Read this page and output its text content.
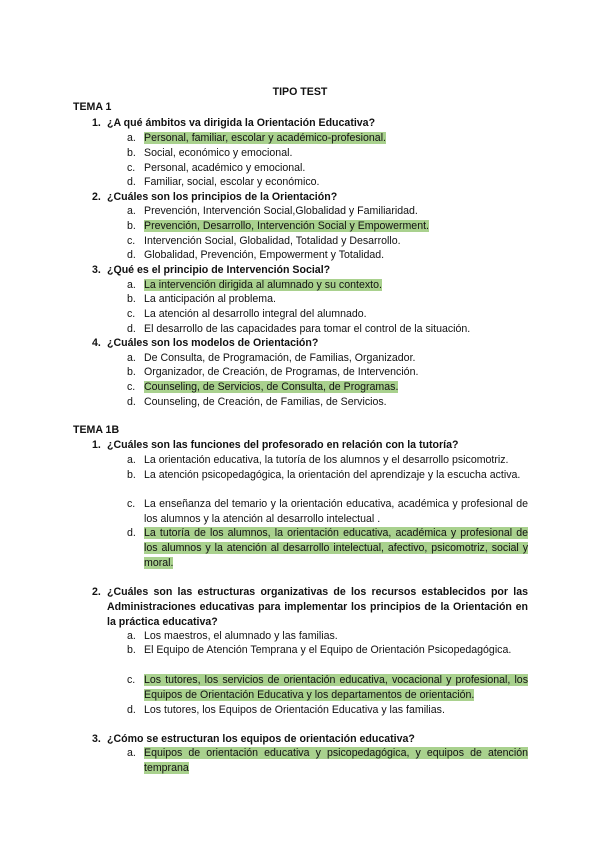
TIPO TEST
TEMA 1
1. ¿A qué ámbitos va dirigida la Orientación Educativa?
a. Personal, familiar, escolar y académico-profesional.
b. Social, económico y emocional.
c. Personal, académico y emocional.
d. Familiar, social, escolar y económico.
2. ¿Cuáles son los principios de la Orientación?
a. Prevención, Intervención Social,Globalidad y Familiaridad.
b. Prevención, Desarrollo, Intervención Social y Empowerment.
c. Intervención Social, Globalidad, Totalidad y Desarrollo.
d. Globalidad, Prevención, Empowerment y Totalidad.
3. ¿Qué es el principio de Intervención Social?
a. La intervención dirigida al alumnado y su contexto.
b. La anticipación al problema.
c. La atención al desarrollo integral del alumnado.
d. El desarrollo de las capacidades para tomar el control de la situación.
4. ¿Cuáles son los modelos de Orientación?
a. De Consulta, de Programación, de Familias, Organizador.
b. Organizador, de Creación, de Programas, de Intervención.
c. Counseling, de Servicios, de Consulta, de Programas.
d. Counseling, de Creación, de Familias, de Servicios.
TEMA 1B
1. ¿Cuáles son las funciones del profesorado en relación con la tutoría?
a. La orientación educativa, la tutoría de los alumnos y el desarrollo psicomotriz.
b. La atención psicopedagógica, la orientación del aprendizaje y la escucha activa.
c. La enseñanza del temario y la orientación educativa, académica y profesional de los alumnos y la atención al desarrollo intelectual .
d. La tutoría de los alumnos, la orientación educativa, académica y profesional de los alumnos y la atención al desarrollo intelectual, afectivo, psicomotriz, social y moral.
2. ¿Cuáles son las estructuras organizativas de los recursos establecidos por las Administraciones educativas para implementar los principios de la Orientación en la práctica educativa?
a. Los maestros, el alumnado y las familias.
b. El Equipo de Atención Temprana y el Equipo de Orientación Psicopedagógica.
c. Los tutores, los servicios de orientación educativa, vocacional y profesional, los Equipos de Orientación Educativa y los departamentos de orientación.
d. Los tutores, los Equipos de Orientación Educativa y las familias.
3. ¿Cómo se estructuran los equipos de orientación educativa?
a. Equipos de orientación educativa y psicopedagógica, y equipos de atención temprana
